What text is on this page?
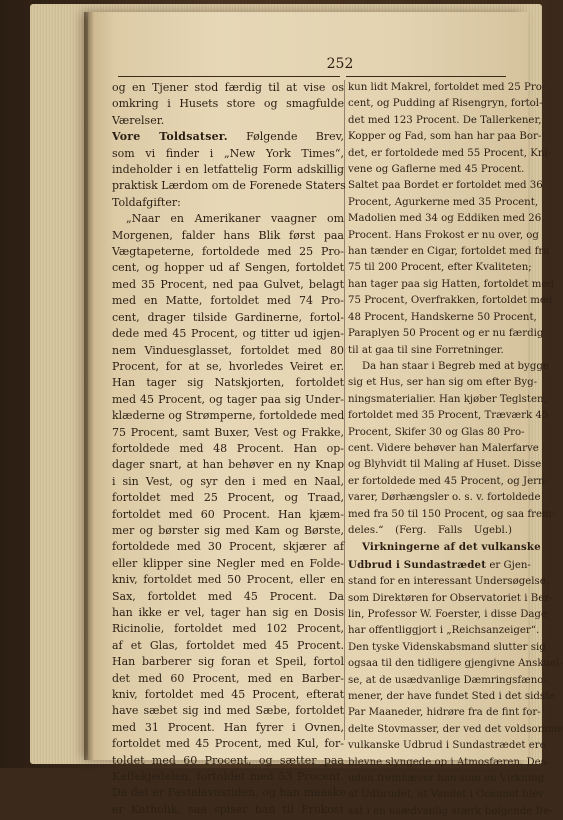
252
og en Tjener stod færdig til at vise os
omkring i Husets store og smagfulde
Værelser.
Vore Toldsatser. Følgende Brev,
som vi finder i „New York Times“,
indeholder i en letfattelig Form adskillig
praktisk Lærdom om de Forenede Staters
Toldafgifter:
„Naar en Amerikaner vaagner om
Morgenen, falder hans Blik først paa
Vægtapeterne, fortoldede med 25 Pro-
cent, og hopper ud af Sengen, fortoldet
med 35 Procent, ned paa Gulvet, belagt
med en Matte, fortoldet med 74 Pro-
cent, drager tilside Gardinerne, fortol-
dede med 45 Procent, og titter ud igjen-
nem Vinduesglasset, fortoldet med 80
Procent, for at se, hvorledes Veiret er.
Han tager sig Natskjorten, fortoldet
med 45 Procent, og tager paa sig Under-
klæderne og Strømperne, fortoldede med
75 Procent, samt Buxer, Vest og Frakke,
fortoldede med 48 Procent. Han op-
dager snart, at han behøver en ny Knap
i sin Vest, og syr den i med en Naal,
fortoldet med 25 Procent, og Traad,
fortoldet med 60 Procent. Han kjæm-
mer og børster sig med Kam og Børste,
fortoldede med 30 Procent, skjærer af
eller klipper sine Negler med en Folde-
kniv, fortoldet med 50 Procent, eller en
Sax, fortoldet med 45 Procent. Da
han ikke er vel, tager han sig en Dosis
Ricinolie, fortoldet med 102 Procent,
af et Glas, fortoldet med 45 Procent.
Han barberer sig foran et Speil, fortol
det med 60 Procent, med en Barber-
kniv, fortoldet med 45 Procent, efterat
have sæbet sig ind med Sæbe, fortoldet
med 31 Procent. Han fyrer i Ovnen,
fortoldet med 45 Procent, med Kul, for-
toldet med 60 Procent, og sætter paa
Kaffekjedelen, fortoldet med 53 Procent.
Da det er Fastelavnstiden, og han maaske
er Katholik, saa spiser han til Frokost
kun lidt Makrel, fortoldet med 25 Pro-
cent, og Pudding af Risengryn, fortol-
det med 123 Procent. De Tallerkener,
Kopper og Fad, som han har paa Bor-
det, er fortoldede med 55 Procent, Kni-
vene og Gaflerne med 45 Procent.
Saltet paa Bordet er fortoldet med 36
Procent, Agurkerne med 35 Procent,
Madolien med 34 og Eddiken med 26
Procent. Hans Frokost er nu over, og
han tænder en Cigar, fortoldet med fra
75 til 200 Procent, efter Kvaliteten;
han tager paa sig Hatten, fortoldet med
75 Procent, Overfrakken, fortoldet med
48 Procent, Handskerne 50 Procent,
Paraplyen 50 Procent og er nu færdig
til at gaa til sine Forretninger.
Da han staar i Begreb med at bygge
sig et Hus, ser han sig om efter Byg-
ningsmaterialier. Han kjøber Teglsten,
fortoldet med 35 Procent, Træværk 45
Procent, Skifer 30 og Glas 80 Pro-
cent. Videre behøver han Malerfarve
og Blyhvidt til Maling af Huset. Disse
er fortoldede med 45 Procent, og Jern-
varer, Dørhængsler o. s. v. fortoldede
med fra 50 til 150 Procent, og saa frem-
deles.“ (Ferg. Falls Ugebl.)
Virkningerne af det vulkanske
Udbrud i Sundastrædet er Gjen-
stand for en interessant Undersøgelse,
som Direktøren for Observatoriet i Ber-
lin, Professor W. Foerster, i disse Dage
har offentliggjort i „Reichsanzeiger“.
Den tyske Videnskabsmand slutter sig
ogsaa til den tidligere gjengivne Anskuel-
se, at de usædvanlige Dæmringsfæno-
mener, der have fundet Sted i det sidste
Par Maaneder, hidrøre fra de fint for-
delte Stovmasser, der ved det voldsomme
vulkanske Udbrud i Sundastrædet ere
blevne slyngede op i Atmosfæren. Des-
uden fremhæver han som en Virkning
af Udbrudet, at Vandet i Oceanet blev
sat i en usædvanlig stærk bølgende Be-
